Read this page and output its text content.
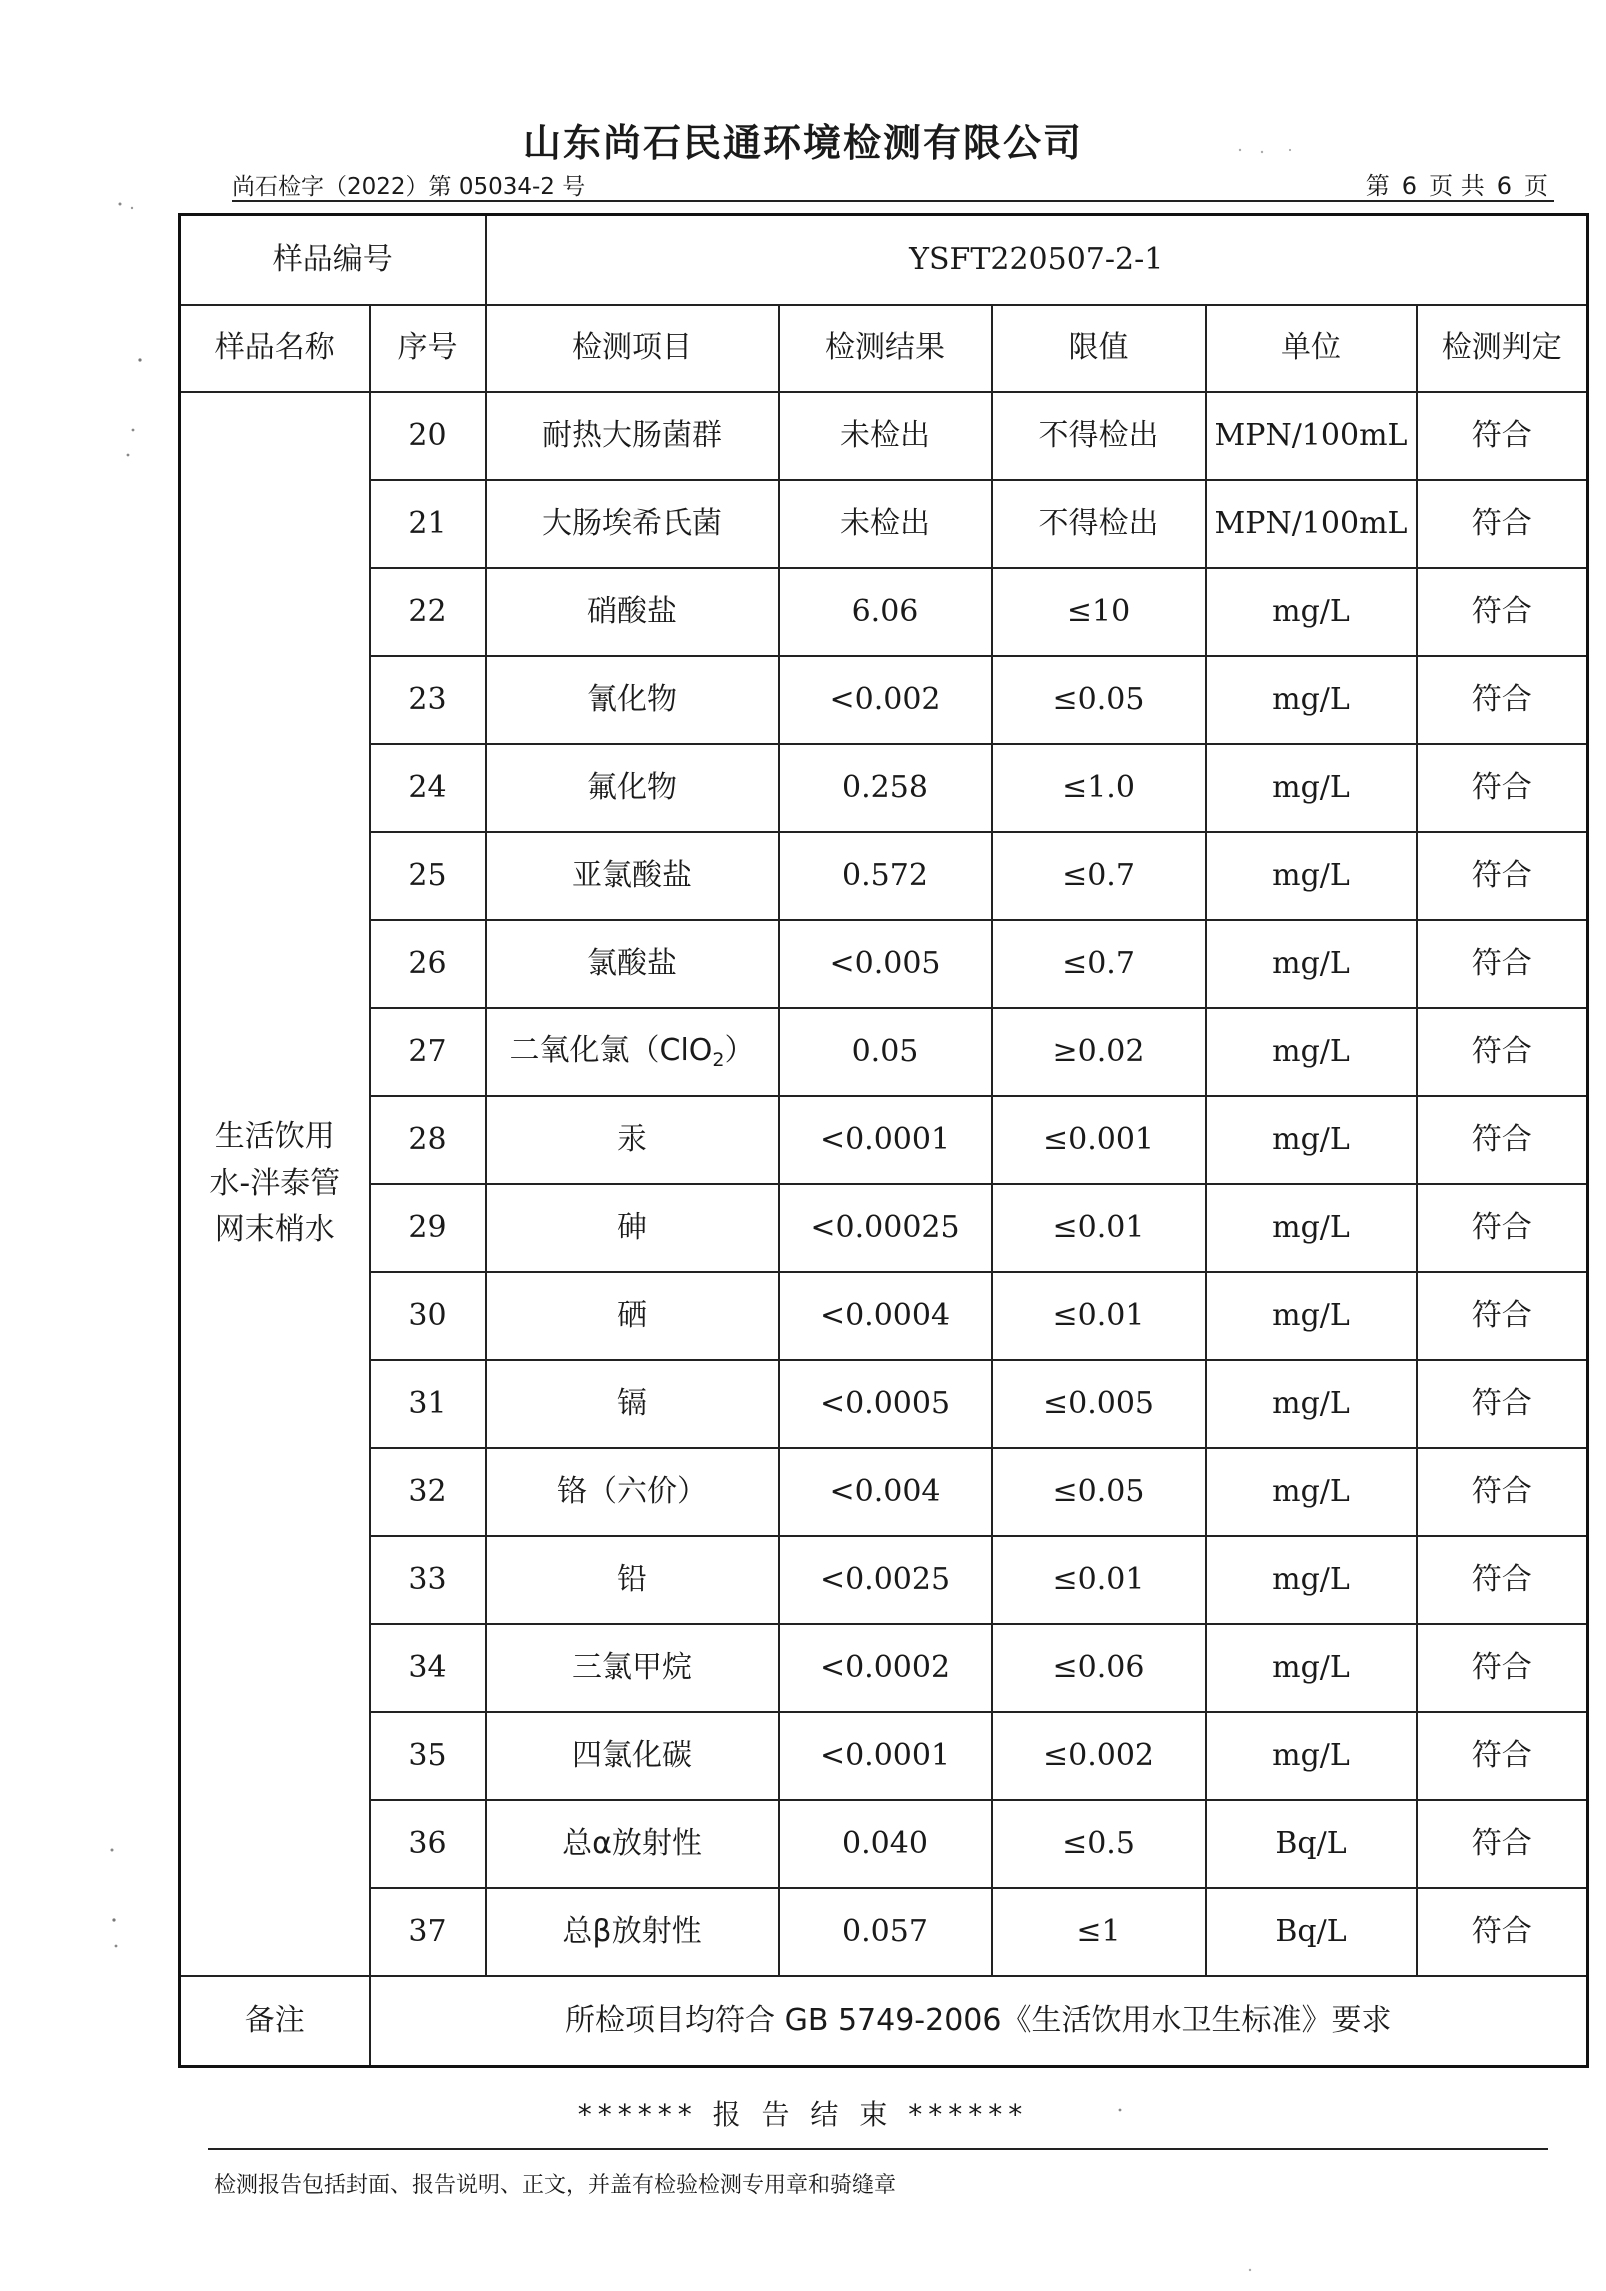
山东尚石民通环境检测有限公司
尚石检字（2022）第 05034-2 号	第 6 页 共 6 页
样品编号		YSFT220507-2-1				
样品名称	序号	检测项目	检测结果	限值	单位	检测判定
生活饮用水-泮泰管网末梢水	20	耐热大肠菌群	未检出	不得检出	MPN/100mL	符合
	21	大肠埃希氏菌	未检出	不得检出	MPN/100mL	符合
	22	硝酸盐	6.06	≤10	mg/L	符合
	23	氰化物	<0.002	≤0.05	mg/L	符合
	24	氟化物	0.258	≤1.0	mg/L	符合
	25	亚氯酸盐	0.572	≤0.7	mg/L	符合
	26	氯酸盐	<0.005	≤0.7	mg/L	符合
	27	二氧化氯（ClO$_2$）	0.05	≥0.02	mg/L	符合
	28	汞	<0.0001	≤0.001	mg/L	符合
	29	砷	<0.00025	≤0.01	mg/L	符合
	30	硒	<0.0004	≤0.01	mg/L	符合
	31	镉	<0.0005	≤0.005	mg/L	符合
	32	铬（六价）	<0.004	≤0.05	mg/L	符合
	33	铅	<0.0025	≤0.01	mg/L	符合
	34	三氯甲烷	<0.0002	≤0.06	mg/L	符合
	35	四氯化碳	<0.0001	≤0.002	mg/L	符合
	36	总α放射性	0.040	≤0.5	Bq/L	符合
	37	总β放射性	0.057	≤1	Bq/L	符合
备注	所检项目均符合 GB 5749-2006《生活饮用水卫生标准》要求					
****** 报 告 结 束 ******
检测报告包括封面、报告说明、正文，并盖有检验检测专用章和骑缝章
